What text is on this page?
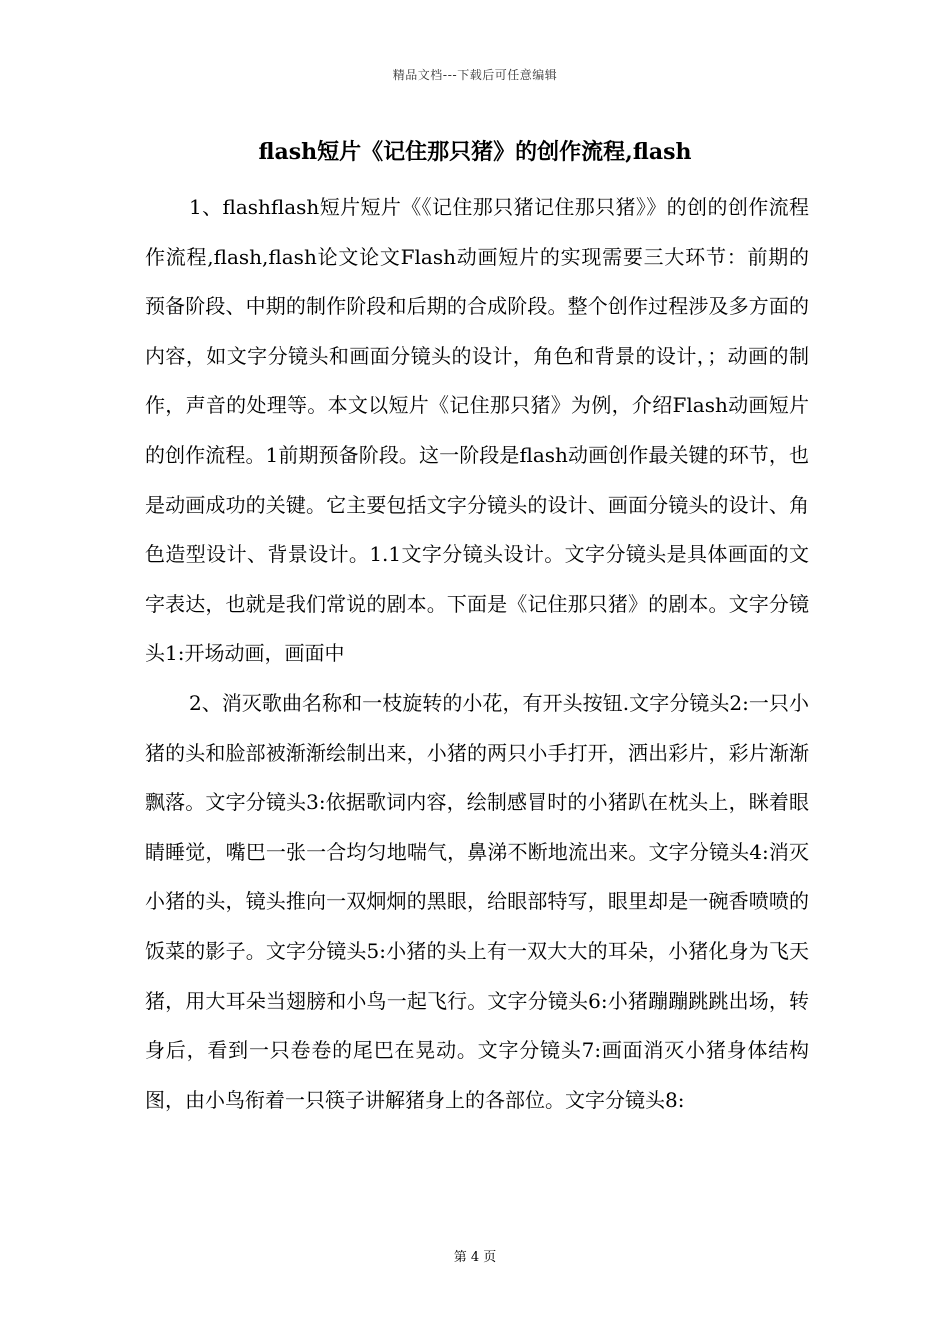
精品文档---下载后可任意编辑
flash短片《记住那只猪》的创作流程,flash

1、flashflash短片短片《《记住那只猪记住那只猪》》的创的创作流程作流程,flash,flash论文论文Flash动画短片的实现需要三大环节：前期的预备阶段、中期的制作阶段和后期的合成阶段。整个创作过程涉及多方面的内容，如文字分镜头和画面分镜头的设计，角色和背景的设计，；动画的制作，声音的处理等。本文以短片《记住那只猪》为例，介绍Flash动画短片的创作流程。1前期预备阶段。这一阶段是flash动画创作最关键的环节，也是动画成功的关键。它主要包括文字分镜头的设计、画面分镜头的设计、角色造型设计、背景设计。1.1文字分镜头设计。文字分镜头是具体画面的文字表达，也就是我们常说的剧本。下面是《记住那只猪》的剧本。文字分镜头1:开场动画，画面中

2、消灭歌曲名称和一枝旋转的小花，有开头按钮.文字分镜头2:一只小猪的头和脸部被渐渐绘制出来，小猪的两只小手打开，洒出彩片，彩片渐渐飘落。文字分镜头3:依据歌词内容，绘制感冒时的小猪趴在枕头上，眯着眼睛睡觉，嘴巴一张一合均匀地喘气，鼻涕不断地流出来。文字分镜头4:消灭小猪的头，镜头推向一双炯炯的黑眼，给眼部特写，眼里却是一碗香喷喷的饭菜的影子。文字分镜头5:小猪的头上有一双大大的耳朵，小猪化身为飞天猪，用大耳朵当翅膀和小鸟一起飞行。文字分镜头6:小猪蹦蹦跳跳出场，转身后，看到一只卷卷的尾巴在晃动。文字分镜头7:画面消灭小猪身体结构图，由小鸟衔着一只筷子讲解猪身上的各部位。文字分镜头8:

第 4 页
